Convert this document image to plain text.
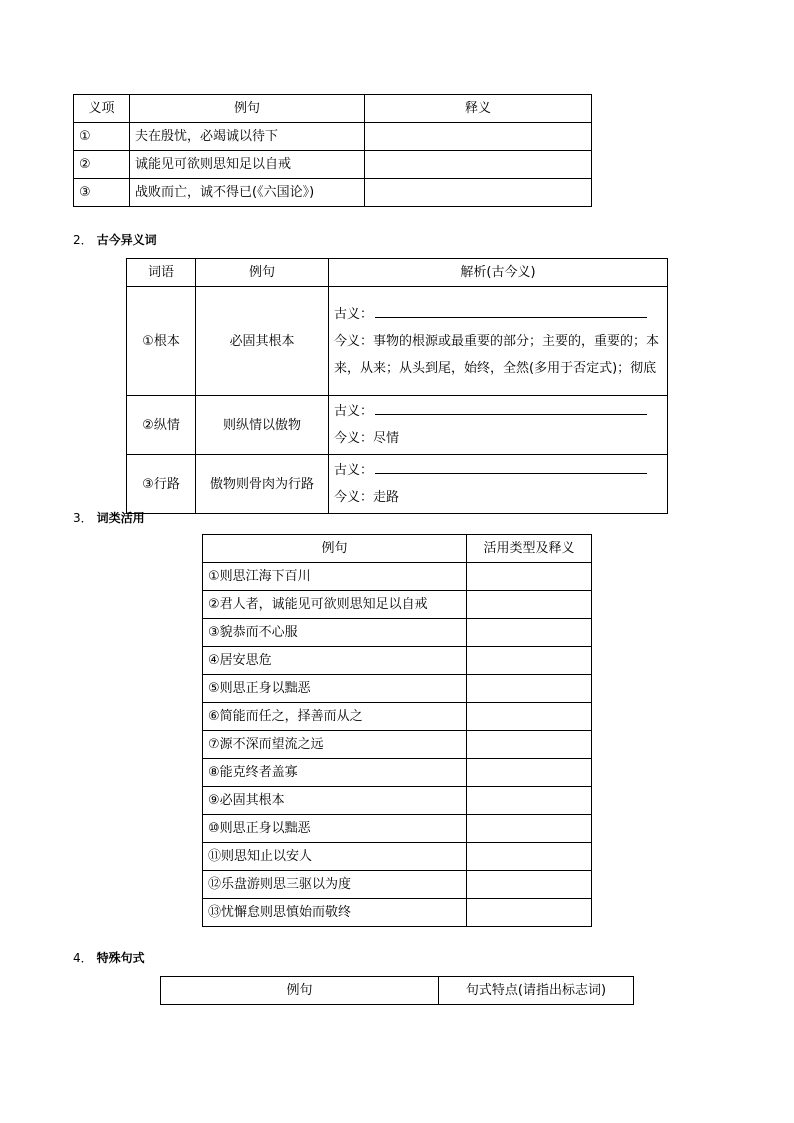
义项	例句	释义
①	夫在殷忧，必竭诚以待下	
②	诚能见可欲则思知足以自戒	
③	战败而亡，诚不得已(《六国论》)	
2． 古今异义词
词语	例句	解析(古今义)
①根本	必固其根本	古义：
今义：事物的根源或最重要的部分；主要的，重要的；本来，从来；从头到尾，始终，全然(多用于否定式)；彻底

②纵情	则纵情以傲物	古义：
今义：尽情

③行路	傲物则骨肉为行路	古义：
今义：走路
3． 词类活用
例句	活用类型及释义
①则思江海下百川	
②君人者，诚能见可欲则思知足以自戒	
③貌恭而不心服	
④居安思危	
⑤则思正身以黜恶	
⑥简能而任之，择善而从之	
⑦源不深而望流之远	
⑧能克终者盖寡	
⑨必固其根本	
⑩则思正身以黜恶	
⑪则思知止以安人	
⑫乐盘游则思三驱以为度	
⑬忧懈怠则思慎始而敬终	
4． 特殊句式
例句	句式特点(请指出标志词)
